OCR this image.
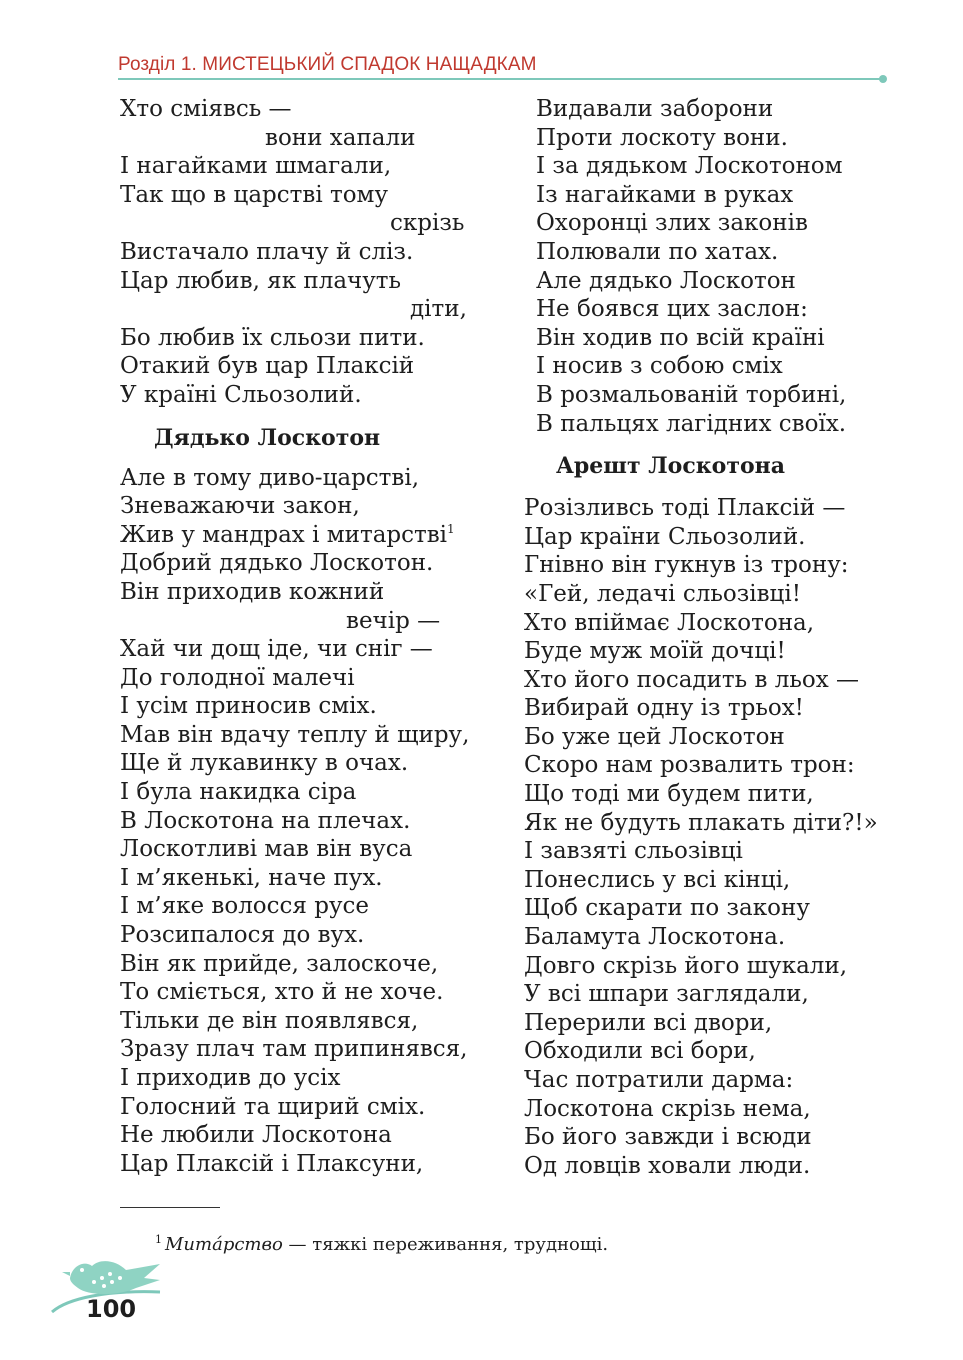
Розділ 1. МИСТЕЦЬКИЙ СПАДОК НАЩАДКАМ
Хто сміявсь —
вони хапали
І нагайками шмагали,
Так що в царстві тому
скрізь
Вистачало плачу й сліз.
Цар любив, як плачуть
діти,
Бо любив їх сльози пити.
Отакий був цар Плаксій
У країні Сльозолий.
Дядько Лоскотон
Але в тому диво-царстві,
Зневажаючи закон,
Жив у мандрах і митарстві$^1$
Добрий дядько Лоскотон.
Він приходив кожний
вечір —
Хай чи дощ іде, чи сніг —
До голодної малечі
І усім приносив сміх.
Мав він вдачу теплу й щиру,
Ще й лукавинку в очах.
І була накидка сіра
В Лоскотона на плечах.
Лоскотливі мав він вуса
І м’якенькі, наче пух.
І м’яке волосся русе
Розсипалося до вух.
Він як прийде, залоскоче,
То сміється, хто й не хоче.
Тільки де він появлявся,
Зразу плач там припинявся,
І приходив до усіх
Голосний та щирий сміх.
Не любили Лоскотона
Цар Плаксій і Плаксуни,
Видавали заборони
Проти лоскоту вони.
І за дядьком Лоскотоном
Із нагайками в руках
Охоронці злих законів
Полювали по хатах.
Але дядько Лоскотон
Не боявся цих заслон:
Він ходив по всій країні
І носив з собою сміх
В розмальованій торбині,
В пальцях лагідних своїх.
Арешт Лоскотона
Розізливсь тоді Плаксій —
Цар країни Сльозолий.
Гнівно він гукнув із трону:
«Гей, ледачі сльозівці!
Хто впіймає Лоскотона,
Буде муж моїй дочці!
Хто його посадить в льох —
Вибирай одну із трьох!
Бо уже цей Лоскотон
Скоро нам розвалить трон:
Що тоді ми будем пити,
Як не будуть плакать діти?!»
І завзяті сльозівці
Понеслись у всі кінці,
Щоб скарати по закону
Баламута Лоскотона.
Довго скрізь його шукали,
У всі шпари заглядали,
Перерили всі двори,
Обходили всі бори,
Час потратили дарма:
Лоскотона скрізь нема,
Бо його завжди і всюди
Од ловців ховали люди.
$^1$ Митáрство — тяжкі переживання, труднощі.
100
